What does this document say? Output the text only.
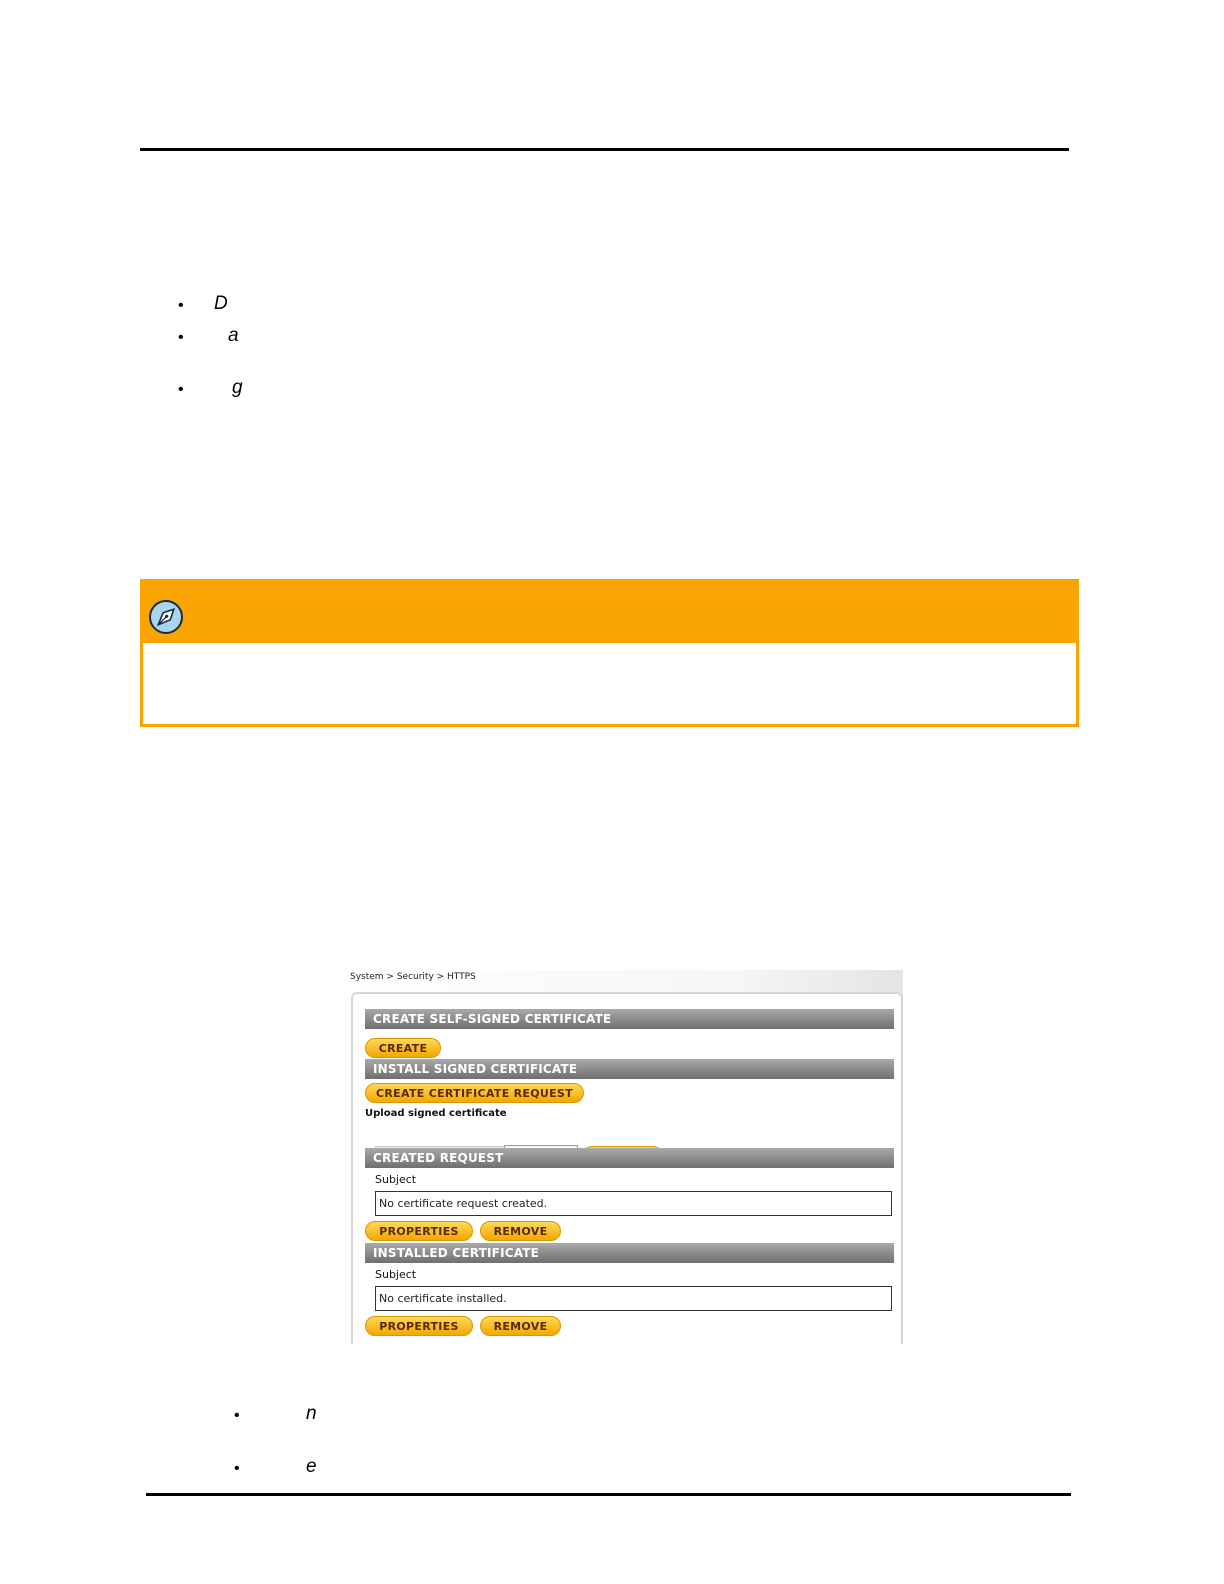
• D
• a
•	g
System > Security > HTTPS
CREATE SELF-SIGNED CERTIFICATE
CREATE
INSTALL SIGNED CERTIFICATE
CREATE CERTIFICATE REQUEST
Upload signed certificate
CREATED REQUEST
Subject
No certificate request created.
PROPERTIES	REMOVE
INSTALLED CERTIFICATE
Subject
No certificate installed.
PROPERTIES	REMOVE
•	n
•	e
